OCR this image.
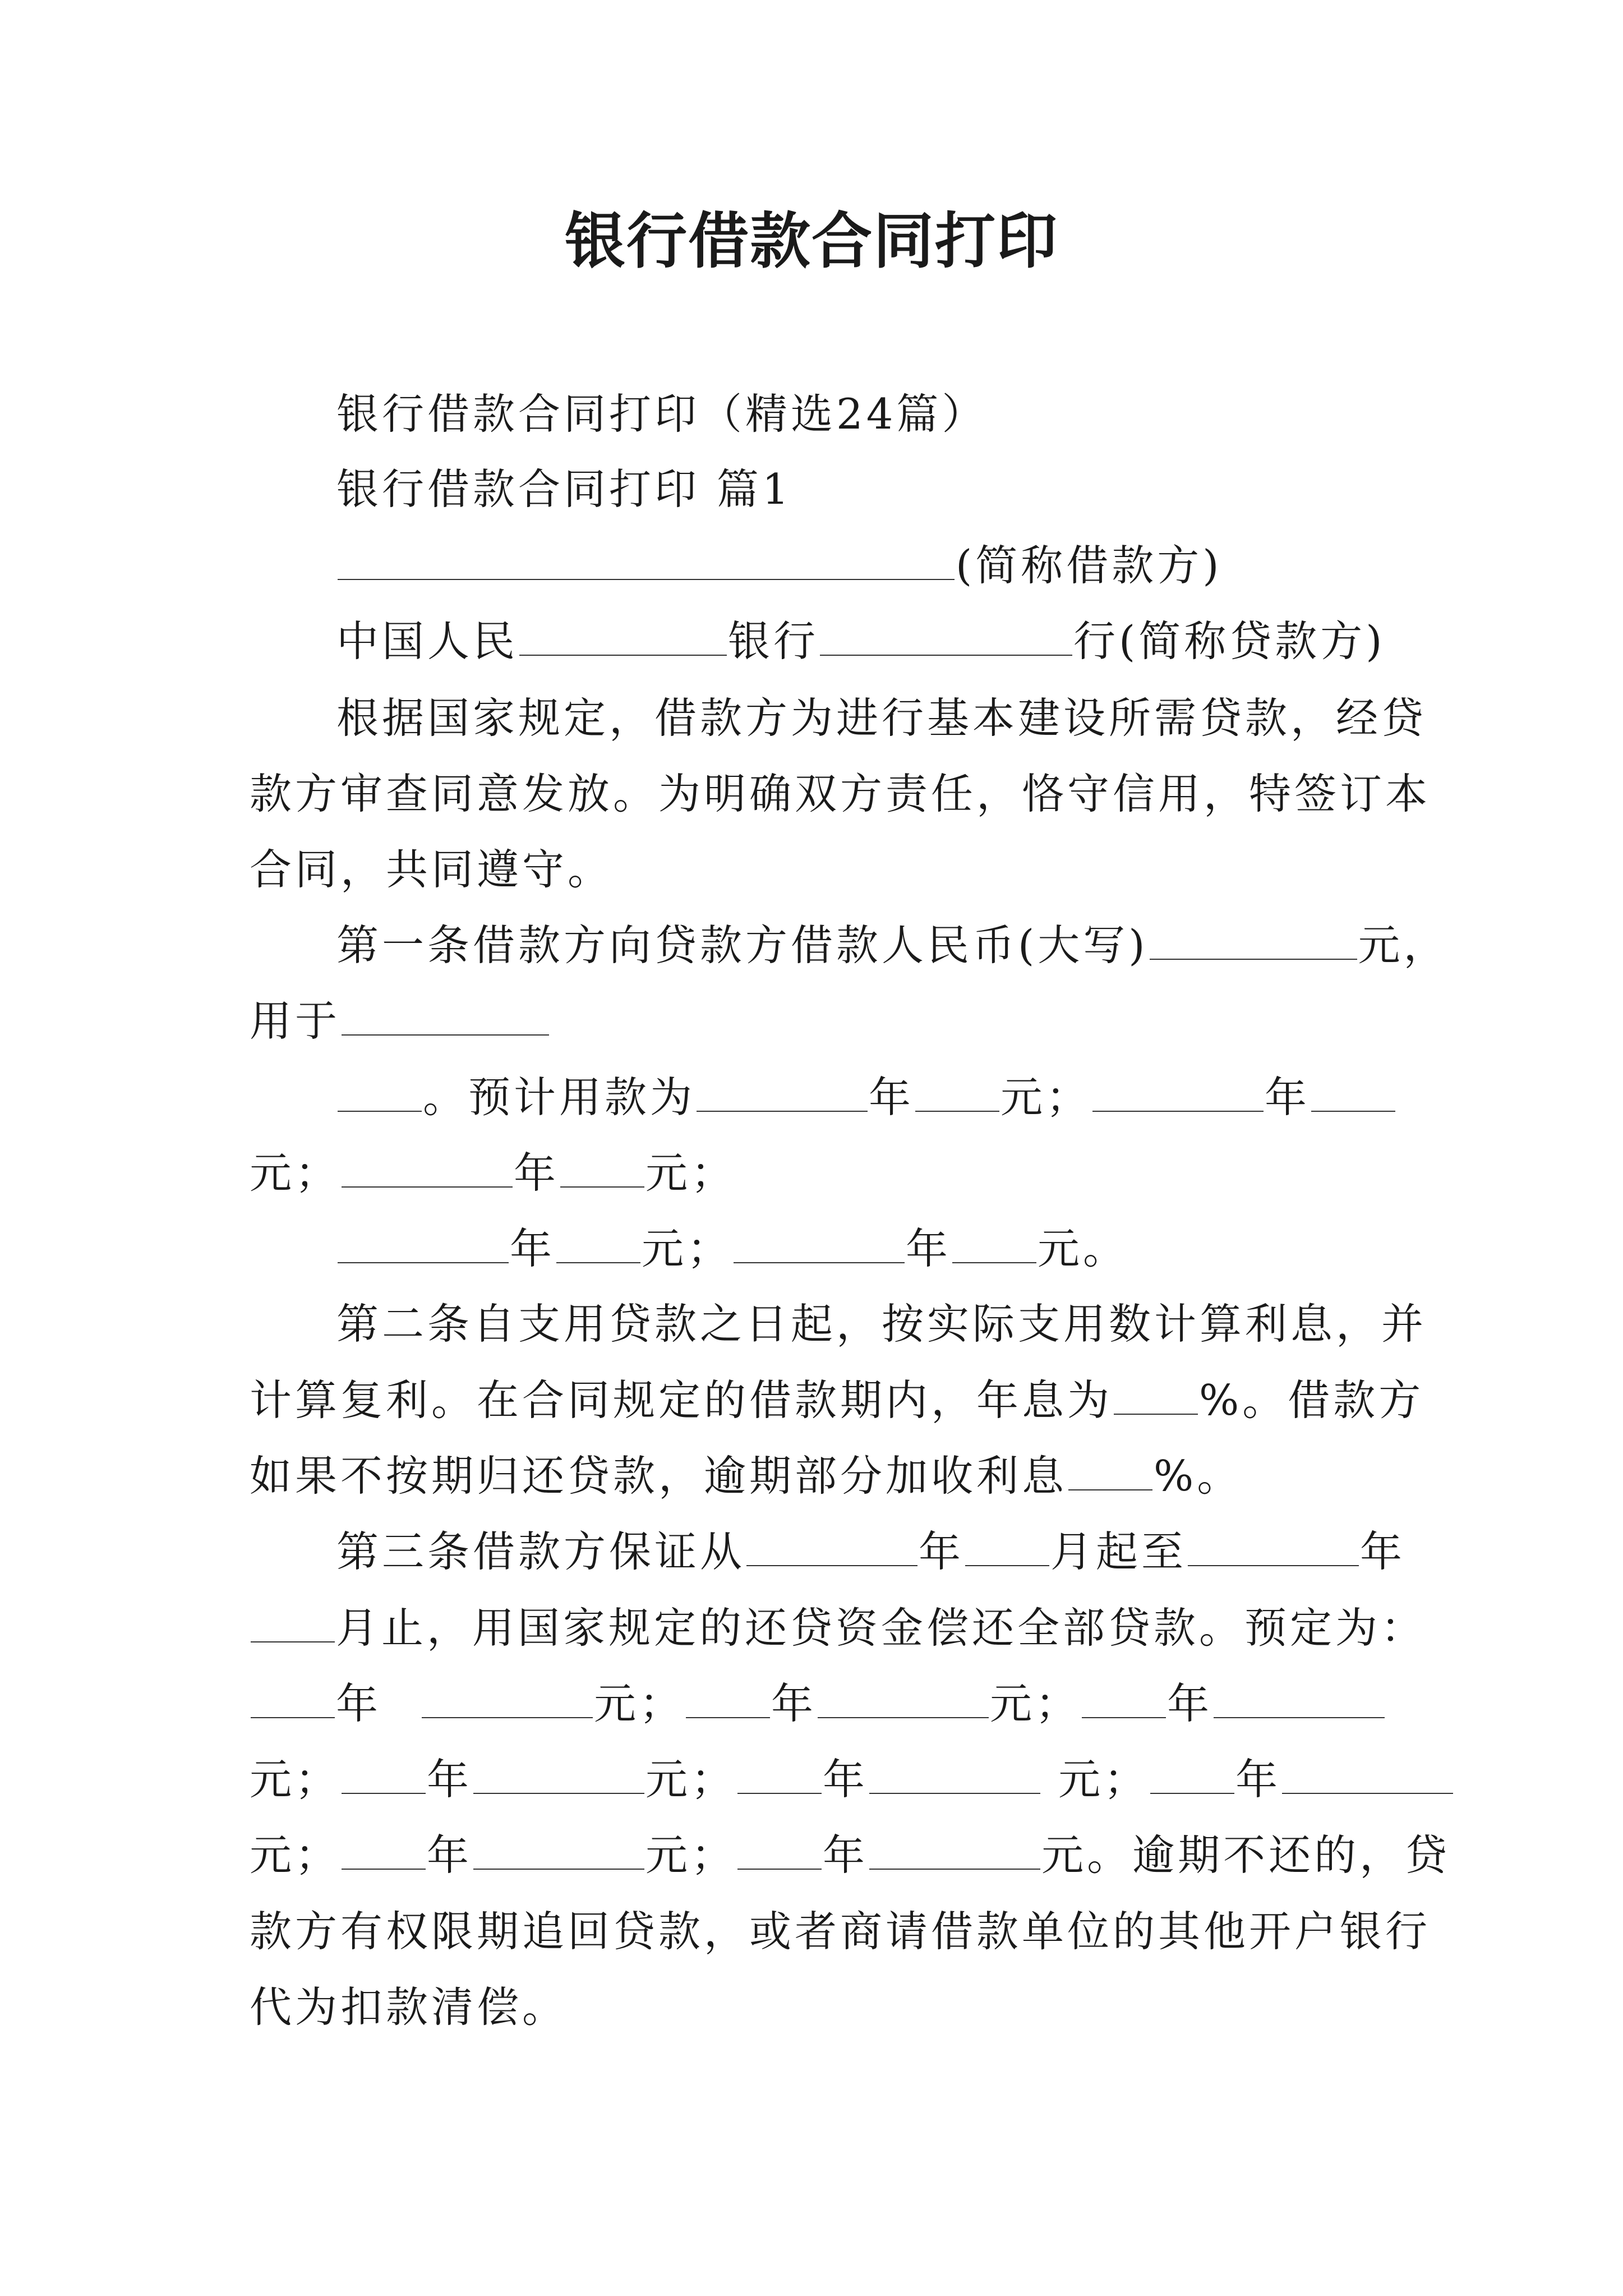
银行借款合同打印
银行借款合同打印（精选24篇）
银行借款合同打印 篇1
(简称借款方)
中国人民	银行	行(简称贷款方)
根据国家规定，借款方为进行基本建设所需贷款，经贷
款方审查同意发放。为明确双方责任，恪守信用，特签订本
合同，共同遵守。
第一条借款方向贷款方借款人民币(大写)	元，
用于
。预计用款为	年 元；	年
元；	年 元；
年 元；	年 元。
第二条自支用贷款之日起，按实际支用数计算利息，并
计算复利。在合同规定的借款期内，年息为 %。借款方
如果不按期归还贷款，逾期部分加收利息 %。
第三条借款方保证从	年 月起至	年
月止，用国家规定的还贷资金偿还全部贷款。预定为：
年	元； 年	元； 年
元； 年	元； 年	元； 年
元； 年	元； 年	元。逾期不还的，贷
款方有权限期追回贷款，或者商请借款单位的其他开户银行
代为扣款清偿。
